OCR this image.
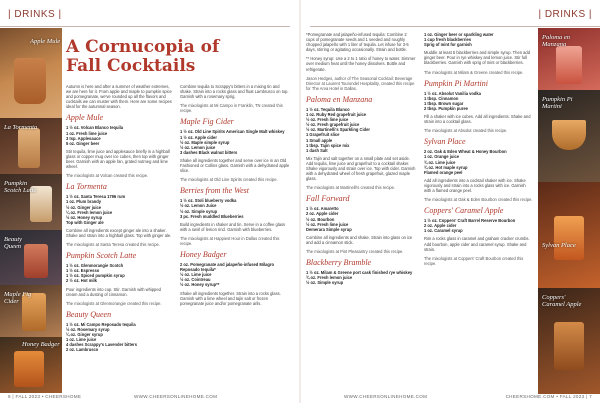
| DRINKS |	| DRINKS |
Apple Mule
La Tormenta
Pumpkin Scotch Latte
Beauty Queen
Maple Fig Cider
Honey Badger
Paloma en Manzana
Pumpkin Pi Martini
Sylvan Place
Coppers' Caramel Apple
A Cornucopia of Fall Cocktails

Autumn is here and after a summer of weather extremes, we are here for it. From apple and maple to pumpkin spice and pomegranate, we've rounded up all the flavors and cocktails we can muster with them. Here are some recipes ideal for the autumnal season.

Apple Mule
1 ½ oz. Volcan Blanco tequila
1 oz. Fresh lime juice
3 tsp. Applesauce
5 oz. Ginger beer

Stir tequila, lime juice and applesauce briefly in a highball glass or copper mug over ice cubes, then top with ginger beer. Garnish with an apple fan, grated nutmeg and lime wheel.

The mixologists at Volcan created this recipe.

La Tormenta
1 ½ oz. Santa Teresa 1796 rum
1 oz. Plum brandy
½ oz. Ginger juice
¼ oz. Fresh lemon juice
½ oz. Honey syrup
Top with Ginger ale

Combine all ingredients except ginger ale into a shaker. Shake and strain into a highball glass. Top with ginger ale.

The mixologists at Santa Teresa created this recipe.

Pumpkin Scotch Latte
1 ½ oz. Glenmorangie Scotch
1 ½ oz. Espresso
1 ½ oz. Spiced pumpkin syrup
2 ½ oz. Hot milk

Pour ingredients into cup. Stir. Garnish with whipped cream and a dusting of cinnamon.

The mixologists at Glenmorangie created this recipe.

Beauty Queen
1 ½ oz. Mi Campo Reposado tequila
½ oz. Rosemary syrup
¼ oz. Ginger syrup
1 oz. Lime juice
4 dashes Scrappy's Lavender bitters
2 oz. Lambrusco

Combine tequila to Scrappy's bitters in a mixing tin and shake. Strain into a rocks glass and float Lambrusco on top. Garnish with a rosemary sprig.

The mixologists at Mi Campo in Franklin, TN created this recipe.

Maple Fig Cider
1 ½ oz. Old Line Spirits American Single Malt whiskey
1 ½ oz. Apple cider
½ oz. Maple simple syrup
½ oz. Lemon juice
3 dashes Black walnut bitters

Shake all ingredients together and serve over ice in an Old Fashioned or Collins glass. Garnish with a dehydrated apple slice.

The mixologists at Old Line Spirits created this recipe.

Berries from the West
1 ½ oz. Stoli blueberry vodka
½ oz. Lemon Juice
½ oz. Simple syrup
3 pc. Fresh muddled Blueberries

Build ingredients in shaker and tin. Serve in a coffee glass with a swirl of lemon rind. Garnish with blueberries.

The mixologists at Happiest Hour in Dallas created this recipe.

Honey Badger
2 oz. Pomegranate and jalapeño-infused Milagro Reposado tequila*
½ oz. Lime juice
½ oz. Cointreau
½ oz. Honey syrup**

Shake all ingredients together. Strain into a rocks glass. Garnish with a lime wheel and tajin salt or frozen pomegranate juice and/or pomegranate arils.

*Pomegranate and jalapeño-infused tequila: Combine 2 cups of pomegranate seeds and 1 seeded and roughly chopped jalapeño with 1 liter of tequila. Let infuse for 3-5 days, stirring or agitating occasionally. Strain and bottle.

** Honey syrup: Use a 2 to 1 ratio of honey to water. Simmer over medium heat until the honey dissolves. Bottle and refrigerate.

Jason Hedges, author of The Seasonal Cocktail: Beverage Director at Laurent Tourondel Hospitality, created this recipe for The Arva Hotel in Dallas.

Paloma en Manzana
1 ½ oz. Tequila Blanco
1 oz. Ruby Red grapefruit juice
½ oz. Fresh lime juice
½ oz. Fresh grapefruit juice
½ oz. Martinelli's Sparkling Cider
1 Grapefruit slice
1 Small apple
1 tbsp. Tajin spice mix
1 dash Salt

Mix Tajin and salt together on a small plate and set aside. Add tequila, lime juice and grapefruit to a cocktail shaker. Shake vigorously and strain over ice. Top with cider. Garnish with a dehydrated wheel of fresh grapefruit, glazed maple glass.

The mixologists at Martinelli's created this recipe.

Fall Forward
1 ½ oz. Amaretto
2 oz. Apple cider
½ oz. Bourbon
½ oz. Fresh lime juice
Demerara Simple syrup

Combine all ingredients and shake. Strain into glass on ice and add a cinnamon stick.

The mixologists at Pint Pleasantry created this recipe.

Blackberry Bramble
1 ½ oz. Milam & Greene port cask finished rye whiskey
¾ oz. Fresh lemon juice
½ oz. Simple syrup
1 oz. Ginger beer or sparkling water
1 cup fresh blackberries
Sprig of mint for garnish

Muddle at least 5 blackberries and simple syrup. Then add ginger beer. Pour in rye whiskey and lemon juice. Stir full blackberries. Garnish with sprig of mint or blackberries.

The mixologists at Milam & Greene created this recipe.

Pumpkin Pi Martini
1 ½ oz. Absolut Vanilia vodka
1 tbsp. Cinnamon
1 tbsp. Brown sugar
2 tbsp. Pumpkin puree

Fill a shaker with ice cubes. Add all ingredients. Shake and strain into a cocktail glass.

The mixologists at Absolut created this recipe.

Sylvan Place
2 oz. Oak & Eden Wheat & Honey Bourbon
1 oz. Orange juice
¾ oz. Lime juice
¾ oz. Hot maple syrup
Flamed orange peel

Add all ingredients into a cocktail shaker with ice. Shake vigorously and strain into a rocks glass with ice. Garnish with a flamed orange peel.

The mixologists at Oak & Eden Bourbon created this recipe.

Coppers' Caramel Apple
1 ½ oz. Coppers' Craft Barrel Reserve Bourbon
2 oz. Apple cider
1 oz. Caramel syrup

Rim a rocks glass in caramel and graham cracker crumbs. Add bourbon, apple cider and caramel syrup. Shake and strain.

The mixologists at Coppers' Craft Bourbon created this recipe.

6 | FALL 2023 • CHEERSHOME	WWW.CHEERSONLINEHOME.COM	WWW.CHEERSONLINEHOME.COM	CHEERSHOME.COM • FALL 2023 | 7
